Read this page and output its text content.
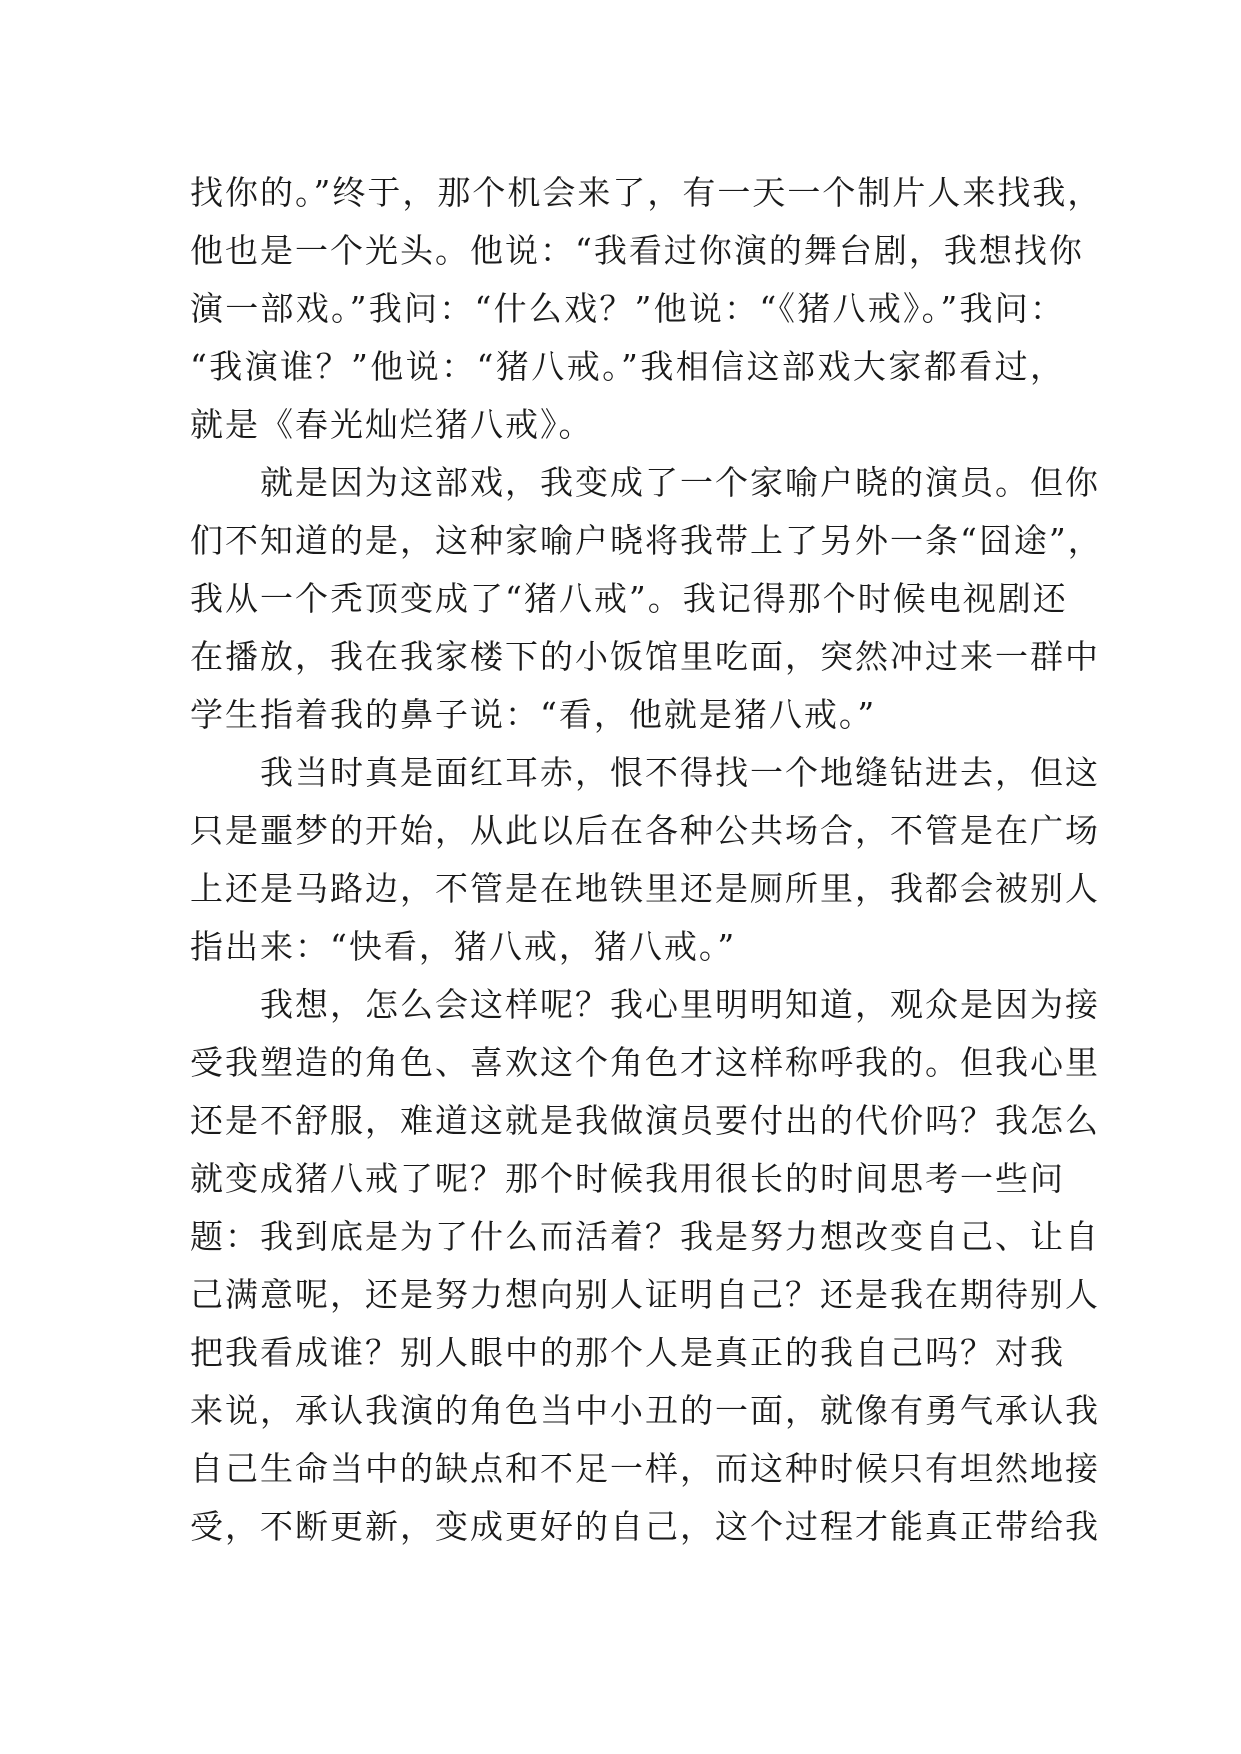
找你的。”终于，那个机会来了，有一天一个制片人来找我，
他也是一个光头。他说：“我看过你演的舞台剧，我想找你
演一部戏。”我问：“什么戏？”他说：“《猪八戒》。”我问：
“我演谁？”他说：“猪八戒。”我相信这部戏大家都看过，
就是《春光灿烂猪八戒》。
　　就是因为这部戏，我变成了一个家喻户晓的演员。但你
们不知道的是，这种家喻户晓将我带上了另外一条“囧途”，
我从一个秃顶变成了“猪八戒”。我记得那个时候电视剧还
在播放，我在我家楼下的小饭馆里吃面，突然冲过来一群中
学生指着我的鼻子说：“看，他就是猪八戒。”
　　我当时真是面红耳赤，恨不得找一个地缝钻进去，但这
只是噩梦的开始，从此以后在各种公共场合，不管是在广场
上还是马路边，不管是在地铁里还是厕所里，我都会被别人
指出来：“快看，猪八戒，猪八戒。”
　　我想，怎么会这样呢？我心里明明知道，观众是因为接
受我塑造的角色、喜欢这个角色才这样称呼我的。但我心里
还是不舒服，难道这就是我做演员要付出的代价吗？我怎么
就变成猪八戒了呢？那个时候我用很长的时间思考一些问
题：我到底是为了什么而活着？我是努力想改变自己、让自
己满意呢，还是努力想向别人证明自己？还是我在期待别人
把我看成谁？别人眼中的那个人是真正的我自己吗？对我
来说，承认我演的角色当中小丑的一面，就像有勇气承认我
自己生命当中的缺点和不足一样，而这种时候只有坦然地接
受，不断更新，变成更好的自己，这个过程才能真正带给我
